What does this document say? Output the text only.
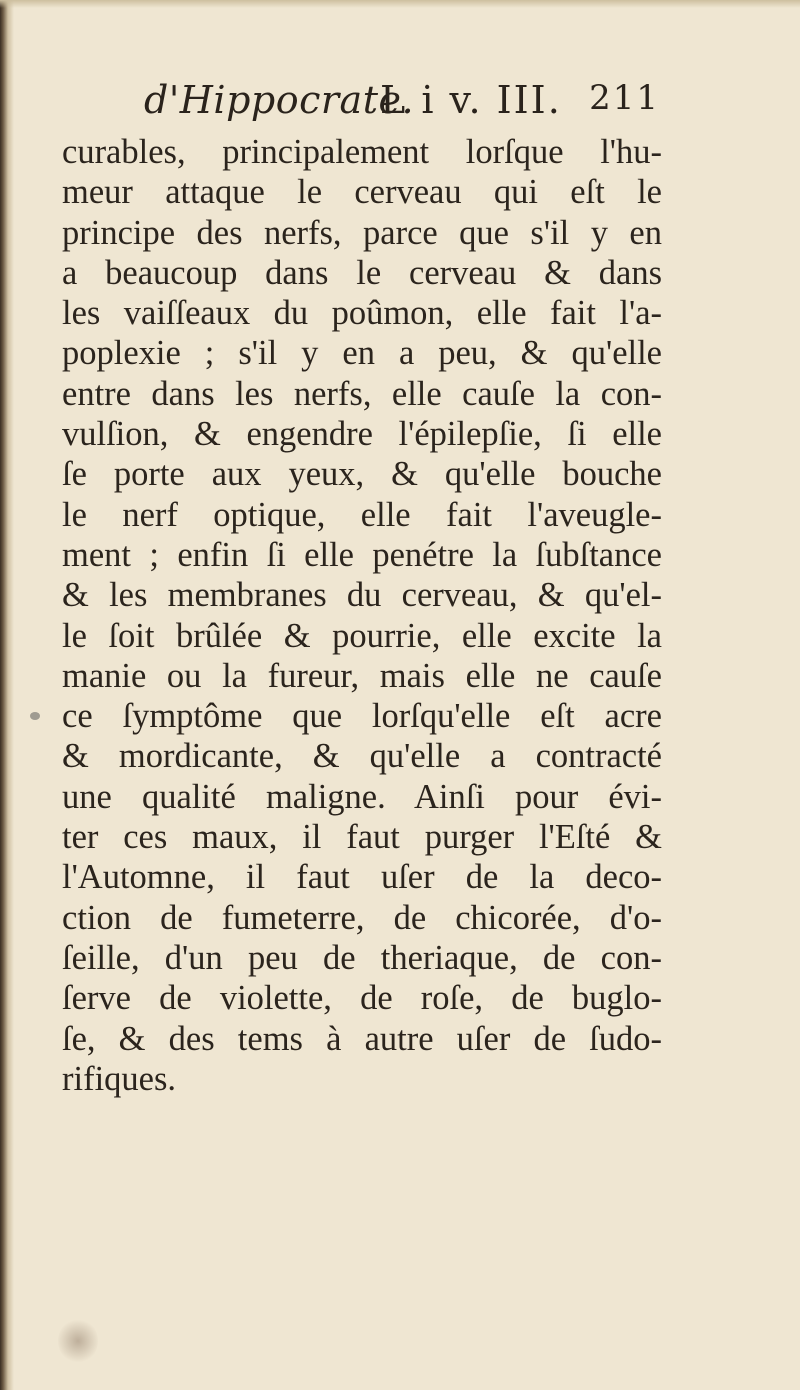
d'Hippocrate.
L i v. III. 211
curables, principalement lorſque l'hu-
meur attaque le cerveau qui eſt le
principe des nerfs, parce que s'il y en
a beaucoup dans le cerveau & dans
les vaiſſeaux du poûmon, elle fait l'a-
poplexie ; s'il y en a peu, & qu'elle
entre dans les nerfs, elle cauſe la con-
vulſion, & engendre l'épilepſie, ſi elle
ſe porte aux yeux, & qu'elle bouche
le nerf optique, elle fait l'aveugle-
ment ; enfin ſi elle penétre la ſubſtance
& les membranes du cerveau, & qu'el-
le ſoit brûlée & pourrie, elle excite la
manie ou la fureur, mais elle ne cauſe
ce ſymptôme que lorſqu'elle eſt acre
& mordicante, & qu'elle a contracté
une qualité maligne. Ainſi pour évi-
ter ces maux, il faut purger l'Eſté &
l'Automne, il faut uſer de la deco-
ction de fumeterre, de chicorée, d'o-
ſeille, d'un peu de theriaque, de con-
ſerve de violette, de roſe, de buglo-
ſe, & des tems à autre uſer de ſudo-
rifiques.
